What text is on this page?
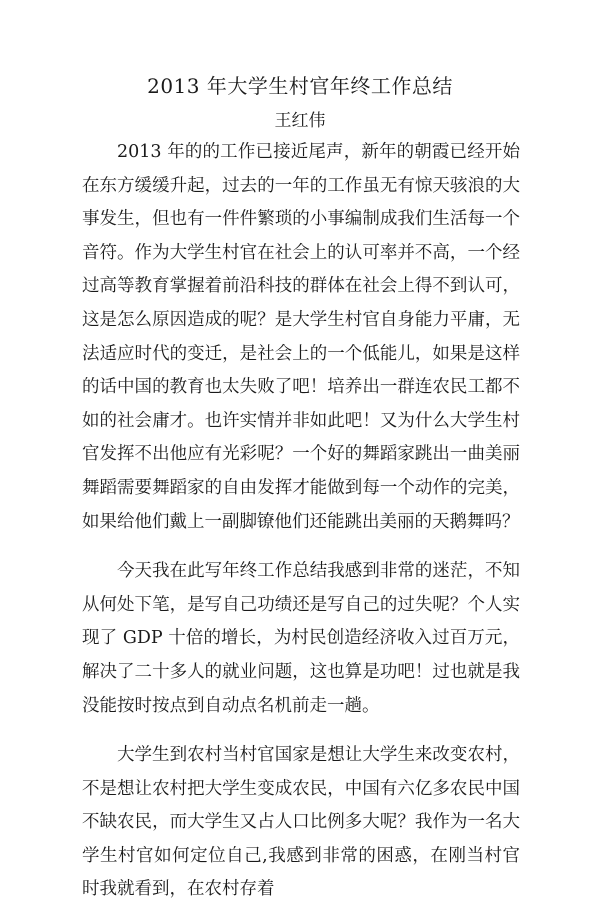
2013 年大学生村官年终工作总结
王红伟

2013 年的的工作已接近尾声，新年的朝霞已经开始在东方缓缓升起，过去的一年的工作虽无有惊天骇浪的大事发生，但也有一件件繁琐的小事编制成我们生活每一个音符。作为大学生村官在社会上的认可率并不高，一个经过高等教育掌握着前沿科技的群体在社会上得不到认可，这是怎么原因造成的呢？是大学生村官自身能力平庸，无法适应时代的变迁，是社会上的一个低能儿，如果是这样的话中国的教育也太失败了吧！培养出一群连农民工都不如的社会庸才。也许实情并非如此吧！又为什么大学生村官发挥不出他应有光彩呢？一个好的舞蹈家跳出一曲美丽舞蹈需要舞蹈家的自由发挥才能做到每一个动作的完美，如果给他们戴上一副脚镣他们还能跳出美丽的天鹅舞吗？

今天我在此写年终工作总结我感到非常的迷茫，不知从何处下笔，是写自己功绩还是写自己的过失呢？个人实现了 GDP 十倍的增长，为村民创造经济收入过百万元，解决了二十多人的就业问题，这也算是功吧！过也就是我没能按时按点到自动点名机前走一趟。

大学生到农村当村官国家是想让大学生来改变农村，不是想让农村把大学生变成农民，中国有六亿多农民中国不缺农民，而大学生又占人口比例多大呢？我作为一名大学生村官如何定位自己,我感到非常的困惑，在刚当村官时我就看到，在农村存着
